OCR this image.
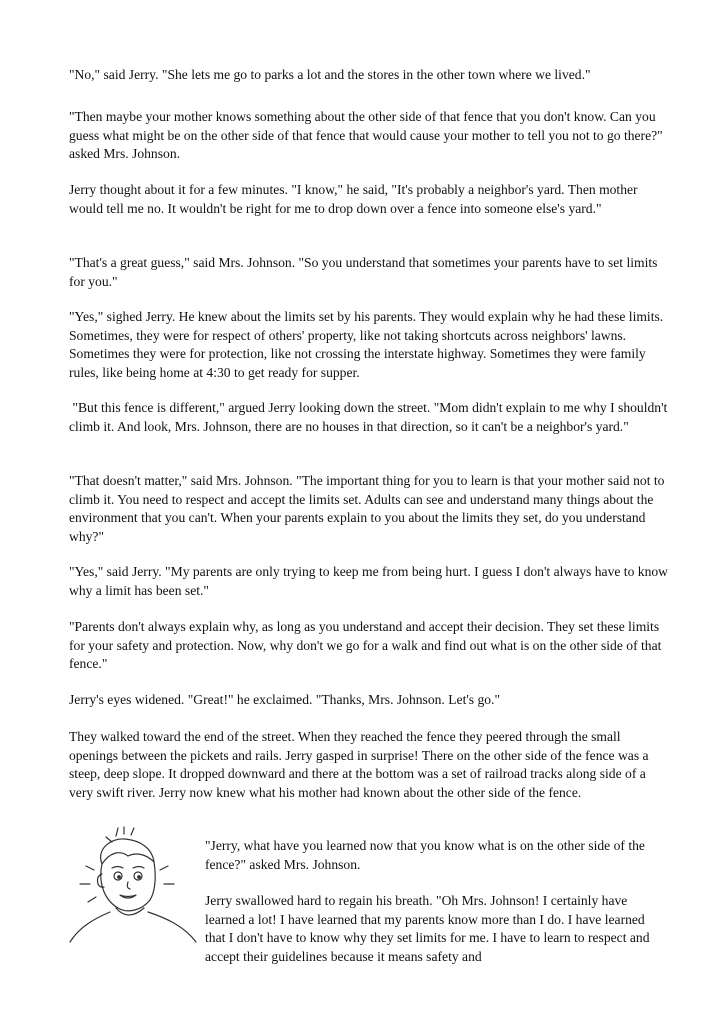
"No," said Jerry. "She lets me go to parks a lot and the stores in the other town where we lived."

"Then maybe your mother knows something about the other side of that fence that you don't know. Can you guess what might be on the other side of that fence that would cause your mother to tell you not to go there?" asked Mrs. Johnson.

Jerry thought about it for a few minutes. "I know," he said, "It's probably a neighbor's yard. Then mother would tell me no. It wouldn't be right for me to drop down over a fence into someone else's yard."

"That's a great guess," said Mrs. Johnson. "So you understand that sometimes your parents have to set limits for you."

"Yes," sighed Jerry. He knew about the limits set by his parents. They would explain why he had these limits. Sometimes, they were for respect of others' property, like not taking shortcuts across neighbors' lawns. Sometimes they were for protection, like not crossing the interstate highway. Sometimes they were family rules, like being home at 4:30 to get ready for supper.

"But this fence is different," argued Jerry looking down the street. "Mom didn't explain to me why I shouldn't climb it. And look, Mrs. Johnson, there are no houses in that direction, so it can't be a neighbor's yard."

"That doesn't matter," said Mrs. Johnson. "The important thing for you to learn is that your mother said not to climb it. You need to respect and accept the limits set. Adults can see and understand many things about the environment that you can't. When your parents explain to you about the limits they set, do you understand why?"

"Yes," said Jerry. "My parents are only trying to keep me from being hurt. I guess I don't always have to know why a limit has been set."

"Parents don't always explain why, as long as you understand and accept their decision. They set these limits for your safety and protection. Now, why don't we go for a walk and find out what is on the other side of that fence."

Jerry's eyes widened. "Great!" he exclaimed. "Thanks, Mrs. Johnson. Let's go."

They walked toward the end of the street. When they reached the fence they peered through the small openings between the pickets and rails. Jerry gasped in surprise! There on the other side of the fence was a steep, deep slope. It dropped downward and there at the bottom was a set of railroad tracks along side of a very swift river. Jerry now knew what his mother had known about the other side of the fence.

"Jerry, what have you learned now that you know what is on the other side of the fence?" asked Mrs. Johnson.

Jerry swallowed hard to regain his breath. "Oh Mrs. Johnson! I certainly have learned a lot! I have learned that my parents know more than I do. I have learned that I don't have to know why they set limits for me. I have to learn to respect and accept their guidelines because it means safety and
